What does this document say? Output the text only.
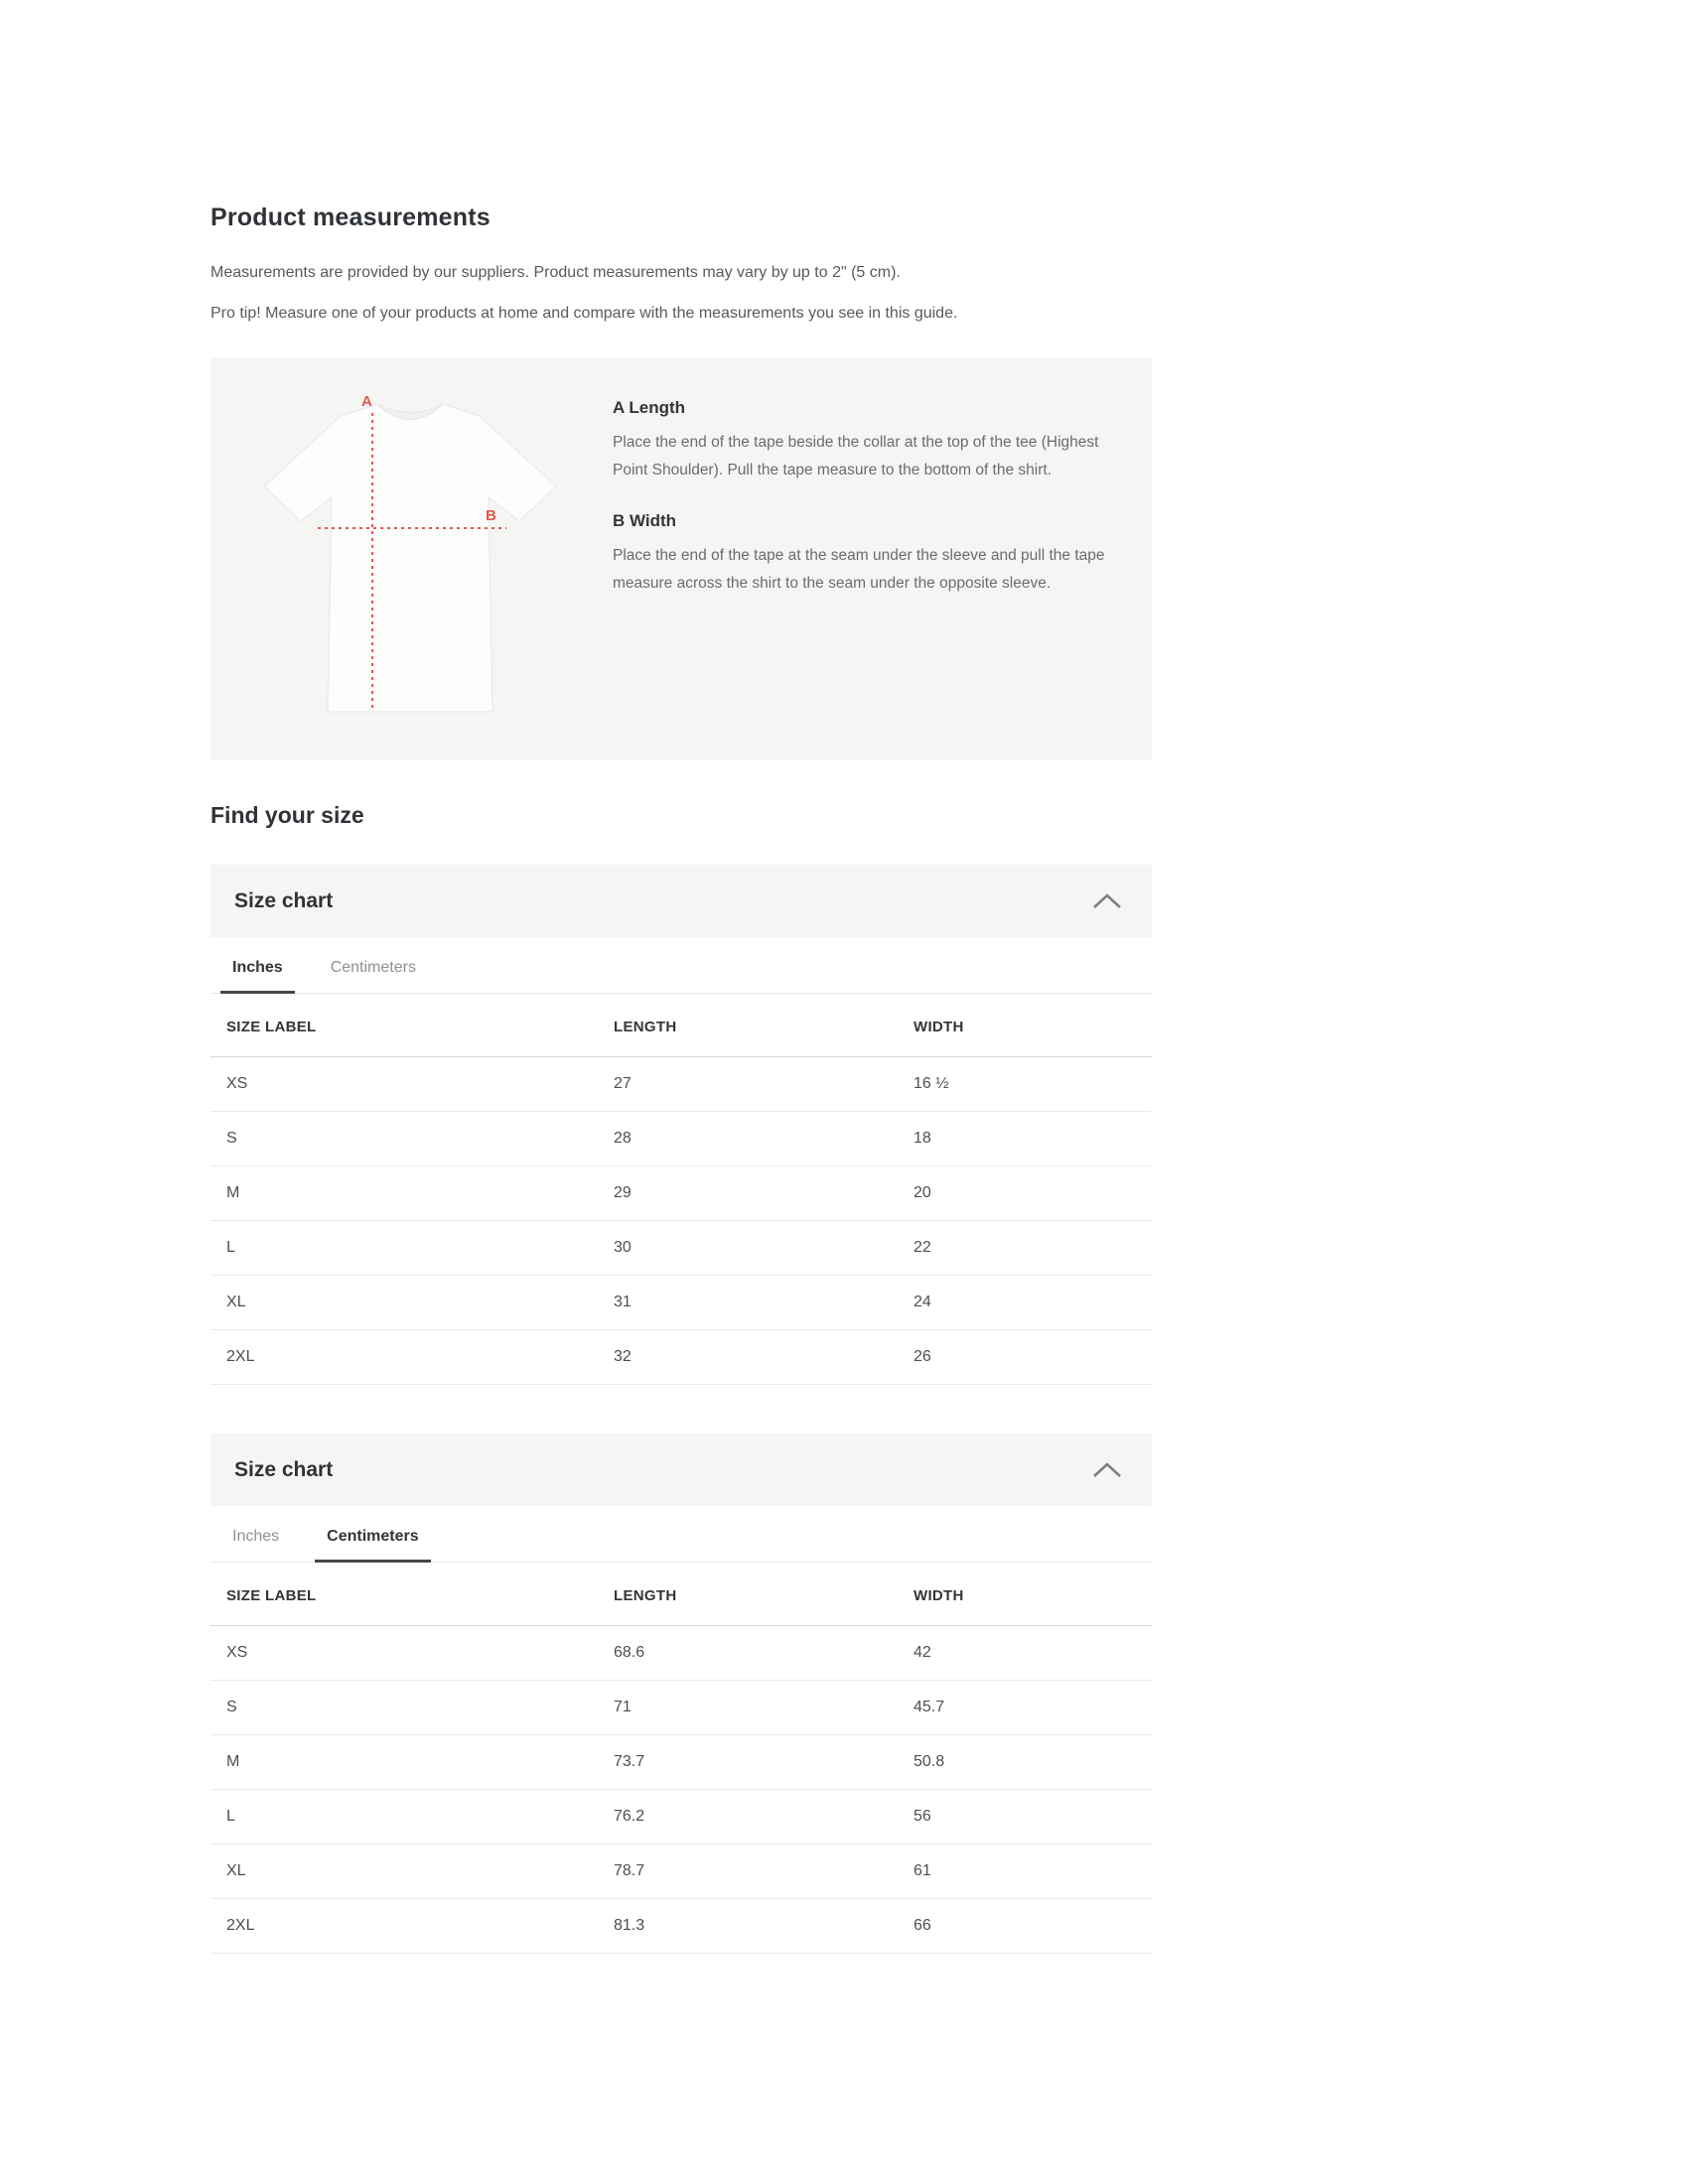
Product measurements

Measurements are provided by our suppliers. Product measurements may vary by up to 2" (5 cm).

Pro tip! Measure one of your products at home and compare with the measurements you see in this guide.

A
B
A Length

Place the end of the tape beside the collar at the top of the tee (Highest Point Shoulder). Pull the tape measure to the bottom of the shirt.

B Width

Place the end of the tape at the seam under the sleeve and pull the tape measure across the shirt to the seam under the opposite sleeve.

Find your size
Size chart
Inches	Centimeters
SIZE LABEL	LENGTH	WIDTH
XS	27	16 ½
S	28	18
M	29	20
L	30	22
XL	31	24
2XL	32	26
Size chart
Inches	Centimeters
SIZE LABEL	LENGTH	WIDTH
XS	68.6	42
S	71	45.7
M	73.7	50.8
L	76.2	56
XL	78.7	61
2XL	81.3	66
